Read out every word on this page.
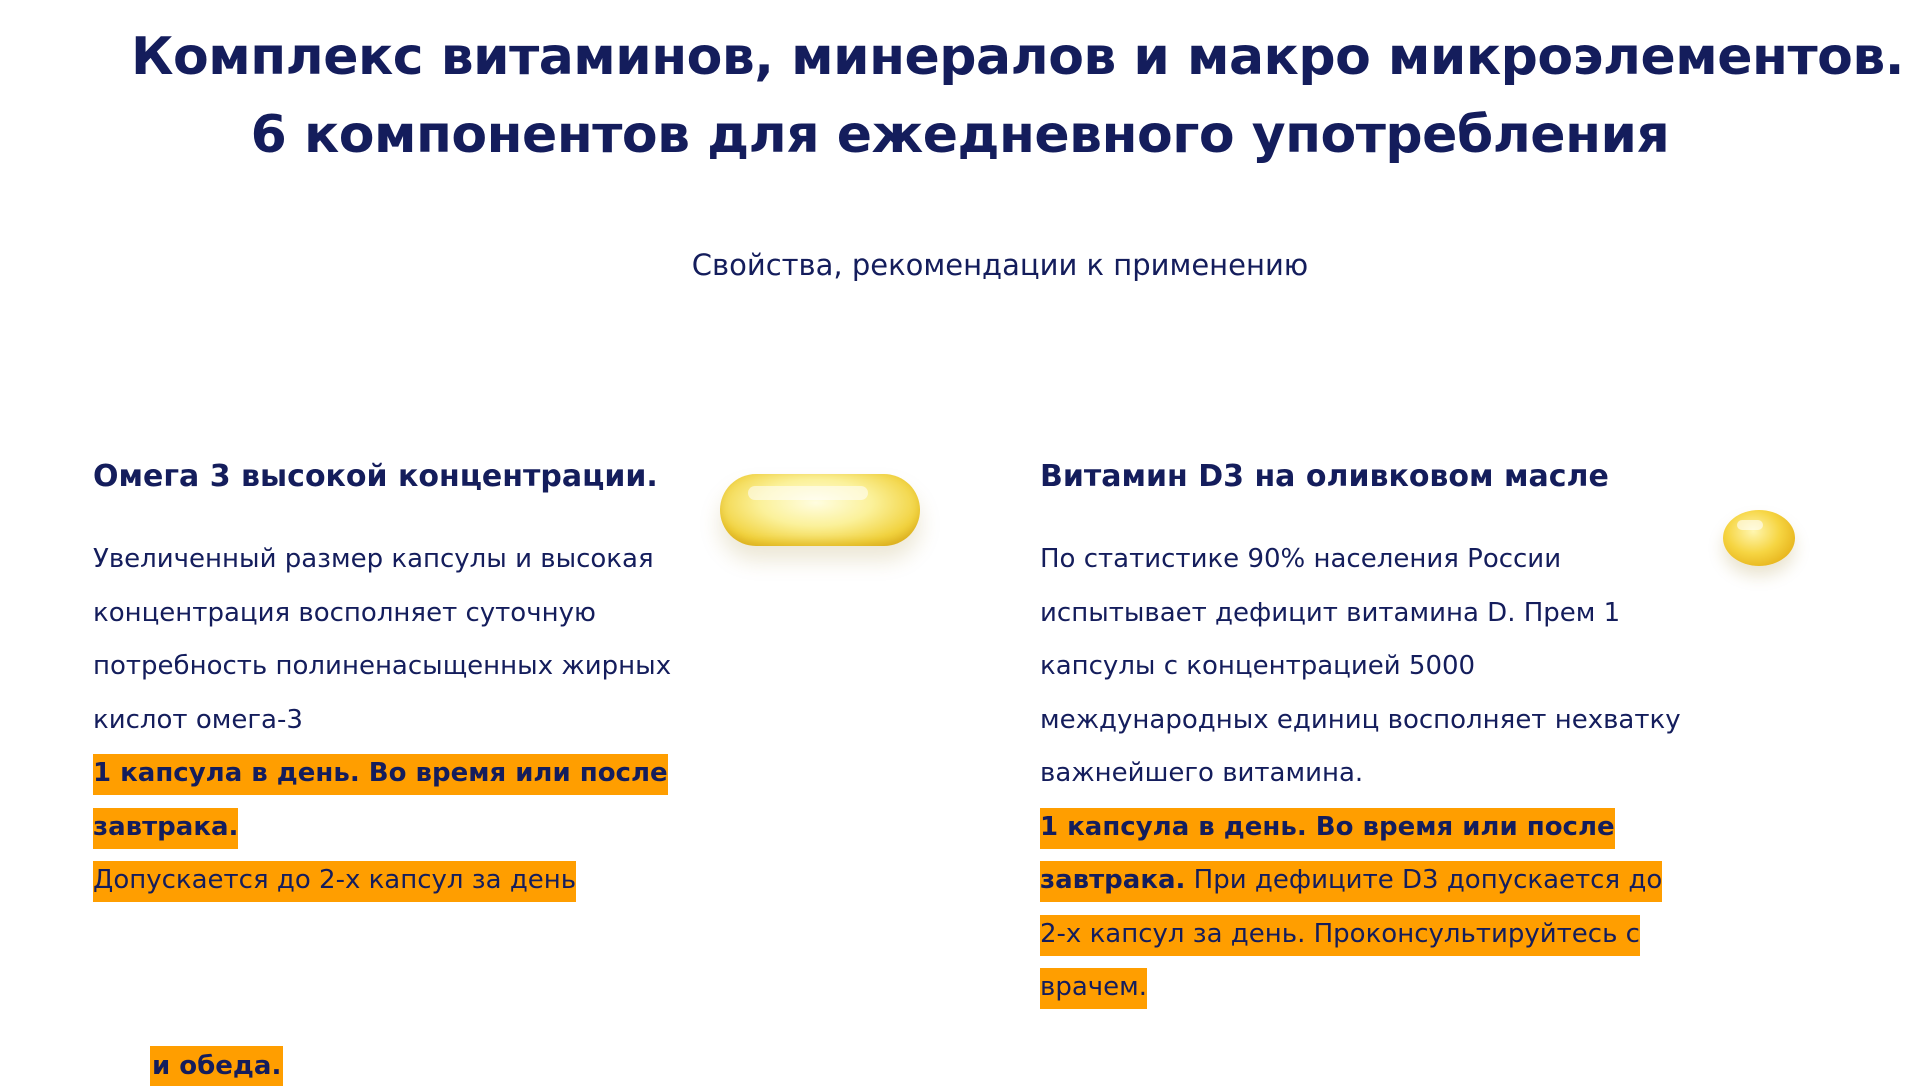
Комплекс витаминов, минералов и макро микроэлементов.
6 компонентов для ежедневного употребления
Свойства, рекомендации к применению
Омега 3 высокой концентрации.
Увеличенный размер капсулы и высокая концентрация восполняет суточную потребность полиненасыщенных жирных кислот омега-3
1 капсула в день. Во время или после завтрака.
Допускается до 2-х капсул за день
Витамин D3 на оливковом масле
По статистике 90% населения России испытывает дефицит витамина D. Прем 1 капсулы с концентрацией 5000 международных единиц восполняет нехватку важнейшего витамина.
1 капсула в день. Во время или после завтрака. При дефиците D3 допускается до 2-х капсул за день. Проконсультируйтесь с врачем.
и обеда.
